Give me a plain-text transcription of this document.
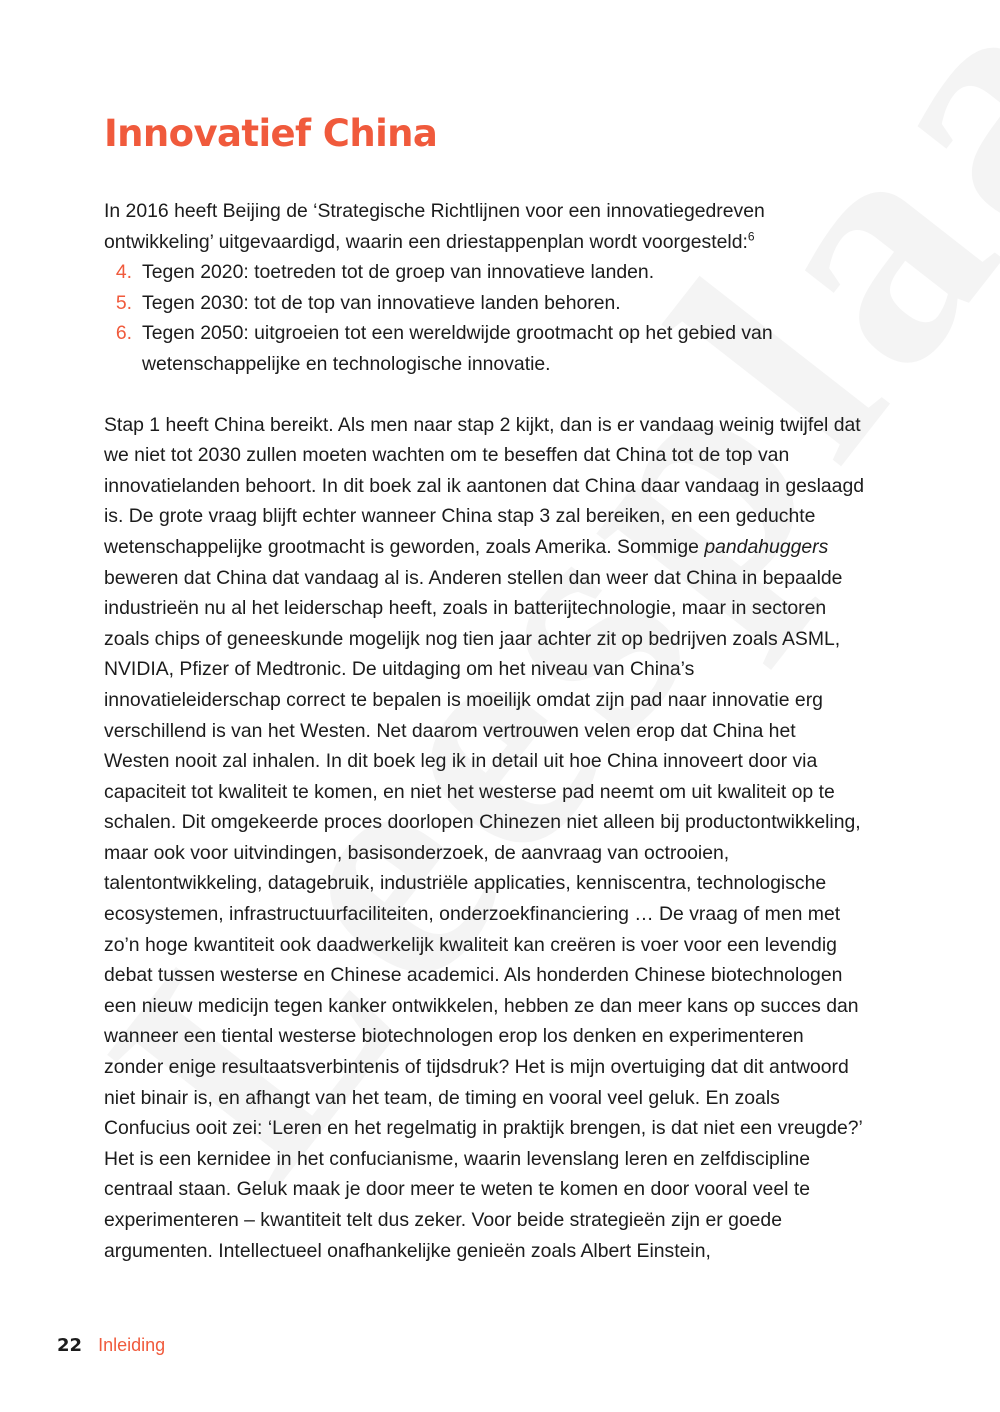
Innovatief China

In 2016 heeft Beijing de ‘Strategische Richtlijnen voor een innovatiegedreven ontwikkeling’ uitgevaardigd, waarin een driestappenplan wordt voorgesteld:$^6$

4. Tegen 2020: toetreden tot de groep van innovatieve landen.
5. Tegen 2030: tot de top van innovatieve landen behoren.
6. Tegen 2050: uitgroeien tot een wereldwijde grootmacht op het gebied van wetenschappelijke en technologische innovatie.

Stap 1 heeft China bereikt. Als men naar stap 2 kijkt, dan is er vandaag weinig twijfel dat we niet tot 2030 zullen moeten wachten om te beseffen dat China tot de top van innovatielanden behoort. In dit boek zal ik aantonen dat China daar vandaag in geslaagd is. De grote vraag blijft echter wanneer China stap 3 zal bereiken, en een geduchte wetenschappelijke grootmacht is geworden, zoals Amerika. Sommige pandahuggers beweren dat China dat vandaag al is. Anderen stellen dan weer dat China in bepaalde industrieën nu al het leiderschap heeft, zoals in batterijtechnologie, maar in sectoren zoals chips of geneeskunde mogelijk nog tien jaar achter zit op bedrijven zoals ASML, NVIDIA, Pfizer of Medtronic. De uitdaging om het niveau van China’s innovatieleiderschap correct te bepalen is moeilijk omdat zijn pad naar innovatie erg verschillend is van het Westen. Net daarom vertrouwen velen erop dat China het Westen nooit zal inhalen. In dit boek leg ik in detail uit hoe China innoveert door via capaciteit tot kwaliteit te komen, en niet het westerse pad neemt om uit kwaliteit op te schalen. Dit omgekeerde proces doorlopen Chinezen niet alleen bij productontwikkeling, maar ook voor uitvindingen, basisonderzoek, de aanvraag van octrooien, talentontwikkeling, datagebruik, industriële applicaties, kenniscentra, technologische ecosystemen, infrastructuurfaciliteiten, onderzoekfinanciering … De vraag of men met zo’n hoge kwantiteit ook daadwerkelijk kwaliteit kan creëren is voer voor een levendig debat tussen westerse en Chinese academici. Als honderden Chinese biotechnologen een nieuw medicijn tegen kanker ontwikkelen, hebben ze dan meer kans op succes dan wanneer een tiental westerse biotechnologen erop los denken en experimenteren zonder enige resultaatsverbintenis of tijdsdruk? Het is mijn overtuiging dat dit antwoord niet binair is, en afhangt van het team, de timing en vooral veel geluk. En zoals Confucius ooit zei: ‘Leren en het regelmatig in praktijk brengen, is dat niet een vreugde?’ Het is een kernidee in het confucianisme, waarin levenslang leren en zelfdiscipline centraal staan. Geluk maak je door meer te weten te komen en door vooral veel te experimenteren – kwantiteit telt dus zeker. Voor beide strategieën zijn er goede argumenten. Intellectueel onafhankelijke genieën zoals Albert Einstein,

22 Inleiding
